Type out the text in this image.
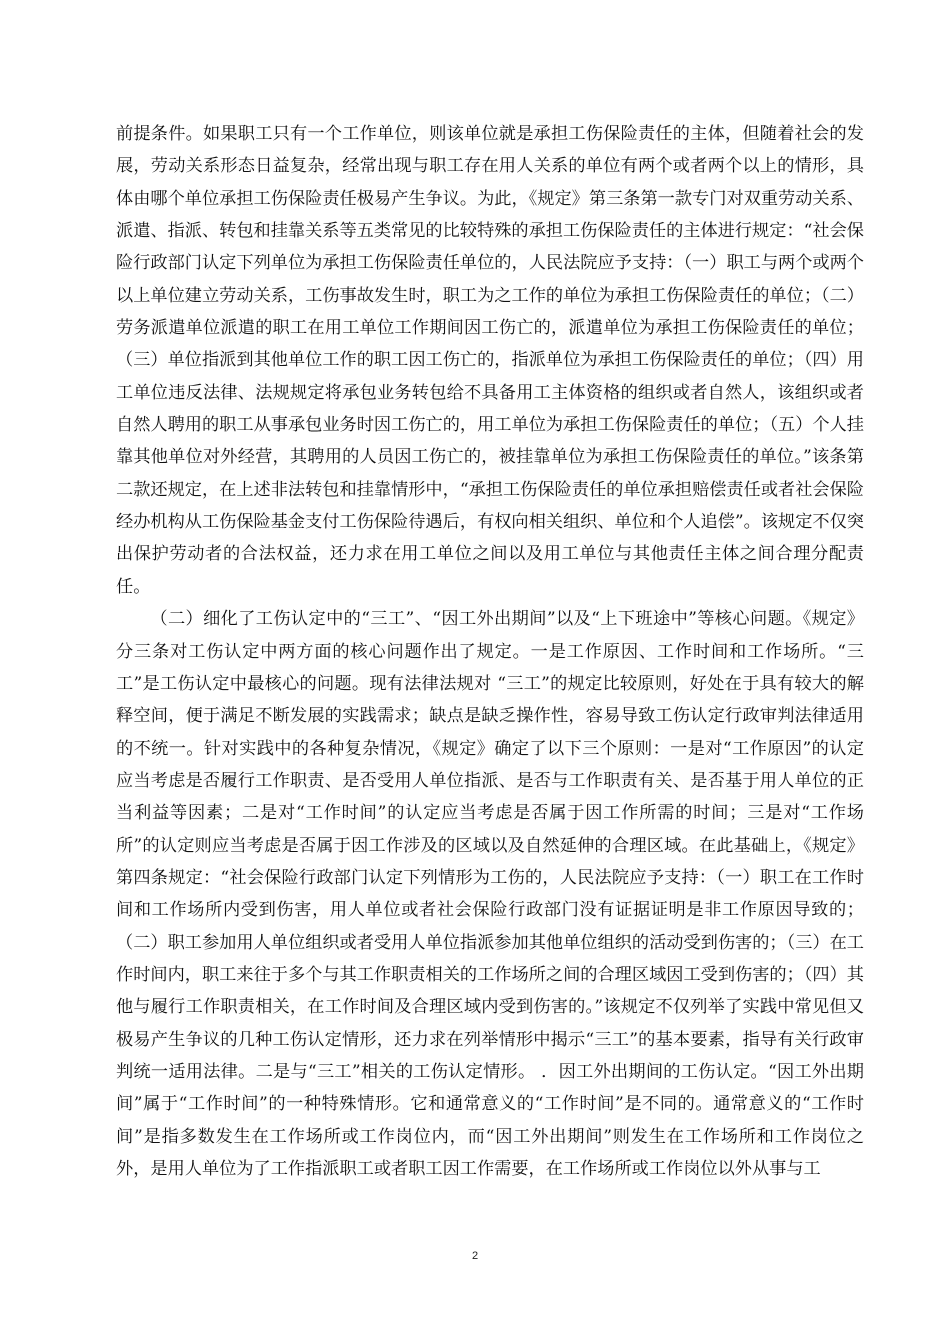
前提条件。如果职工只有一个工作单位，则该单位就是承担工伤保险责任的主体，但随着社会的发展，劳动关系形态日益复杂，经常出现与职工存在用人关系的单位有两个或者两个以上的情形，具体由哪个单位承担工伤保险责任极易产生争议。为此，《规定》第三条第一款专门对双重劳动关系、派遣、指派、转包和挂靠关系等五类常见的比较特殊的承担工伤保险责任的主体进行规定：“社会保险行政部门认定下列单位为承担工伤保险责任单位的，人民法院应予支持：（一）职工与两个或两个以上单位建立劳动关系，工伤事故发生时，职工为之工作的单位为承担工伤保险责任的单位；（二）劳务派遣单位派遣的职工在用工单位工作期间因工伤亡的，派遣单位为承担工伤保险责任的单位；（三）单位指派到其他单位工作的职工因工伤亡的，指派单位为承担工伤保险责任的单位；（四）用工单位违反法律、法规规定将承包业务转包给不具备用工主体资格的组织或者自然人，该组织或者自然人聘用的职工从事承包业务时因工伤亡的，用工单位为承担工伤保险责任的单位；（五）个人挂靠其他单位对外经营，其聘用的人员因工伤亡的，被挂靠单位为承担工伤保险责任的单位。”该条第二款还规定，在上述非法转包和挂靠情形中，“承担工伤保险责任的单位承担赔偿责任或者社会保险经办机构从工伤保险基金支付工伤保险待遇后，有权向相关组织、单位和个人追偿”。该规定不仅突出保护劳动者的合法权益，还力求在用工单位之间以及用工单位与其他责任主体之间合理分配责任。

（二）细化了工伤认定中的“三工”、“因工外出期间”以及“上下班途中”等核心问题。《规定》分三条对工伤认定中两方面的核心问题作出了规定。一是工作原因、工作时间和工作场所。“三工”是工伤认定中最核心的问题。现有法律法规对 “三工”的规定比较原则，好处在于具有较大的解释空间，便于满足不断发展的实践需求；缺点是缺乏操作性，容易导致工伤认定行政审判法律适用的不统一。针对实践中的各种复杂情况，《规定》确定了以下三个原则：一是对“工作原因”的认定应当考虑是否履行工作职责、是否受用人单位指派、是否与工作职责有关、是否基于用人单位的正当利益等因素；二是对“工作时间”的认定应当考虑是否属于因工作所需的时间；三是对“工作场所”的认定则应当考虑是否属于因工作涉及的区域以及自然延伸的合理区域。在此基础上，《规定》第四条规定：“社会保险行政部门认定下列情形为工伤的，人民法院应予支持：（一）职工在工作时间和工作场所内受到伤害，用人单位或者社会保险行政部门没有证据证明是非工作原因导致的；（二）职工参加用人单位组织或者受用人单位指派参加其他单位组织的活动受到伤害的；（三）在工作时间内，职工来往于多个与其工作职责相关的工作场所之间的合理区域因工受到伤害的；（四）其他与履行工作职责相关，在工作时间及合理区域内受到伤害的。”该规定不仅列举了实践中常见但又极易产生争议的几种工伤认定情形，还力求在列举情形中揭示“三工”的基本要素，指导有关行政审判统一适用法律。二是与“三工”相关的工伤认定情形。 ．因工外出期间的工伤认定。“因工外出期间”属于“工作时间”的一种特殊情形。它和通常意义的“工作时间”是不同的。通常意义的“工作时间”是指多数发生在工作场所或工作岗位内，而“因工外出期间”则发生在工作场所和工作岗位之外，是用人单位为了工作指派职工或者职工因工作需要，在工作场所或工作岗位以外从事与工

2
